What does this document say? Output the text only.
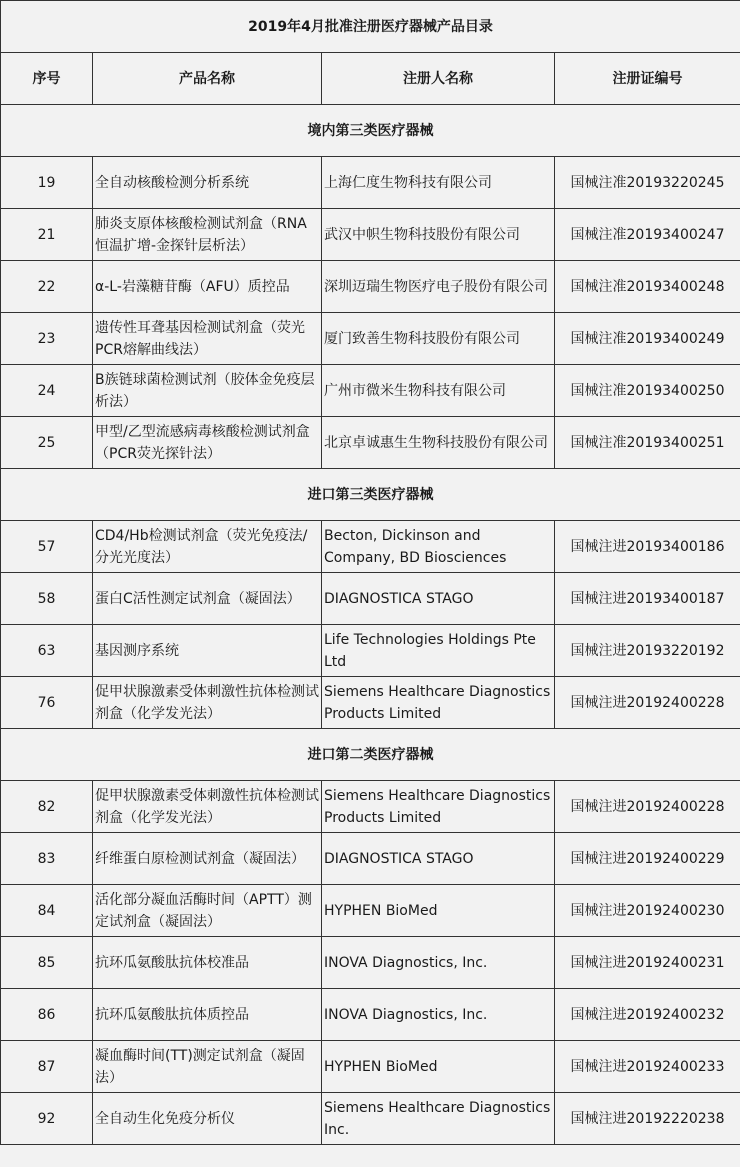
2019年4月批准注册医疗器械产品目录			
序号	产品名称	注册人名称	注册证编号
境内第三类医疗器械			
19	全自动核酸检测分析系统	上海仁度生物科技有限公司	国械注准20193220245
21	肺炎支原体核酸检测试剂盒（RNA恒温扩增-金探针层析法）	武汉中帜生物科技股份有限公司	国械注准20193400247
22	α-L-岩藻糖苷酶（AFU）质控品	深圳迈瑞生物医疗电子股份有限公司	国械注准20193400248
23	遗传性耳聋基因检测试剂盒（荧光PCR熔解曲线法）	厦门致善生物科技股份有限公司	国械注准20193400249
24	B族链球菌检测试剂（胶体金免疫层析法）	广州市微米生物科技有限公司	国械注准20193400250
25	甲型/乙型流感病毒核酸检测试剂盒（PCR荧光探针法）	北京卓诚惠生生物科技股份有限公司	国械注准20193400251
进口第三类医疗器械			
57	CD4/Hb检测试剂盒（荧光免疫法/分光光度法）	Becton, Dickinson and Company, BD Biosciences	国械注进20193400186
58	蛋白C活性测定试剂盒（凝固法）	DIAGNOSTICA STAGO	国械注进20193400187
63	基因测序系统	Life Technologies Holdings Pte Ltd	国械注进20193220192
76	促甲状腺激素受体刺激性抗体检测试剂盒（化学发光法）	Siemens Healthcare Diagnostics Products Limited	国械注进20192400228
进口第二类医疗器械			
82	促甲状腺激素受体刺激性抗体检测试剂盒（化学发光法）	Siemens Healthcare Diagnostics Products Limited	国械注进20192400228
83	纤维蛋白原检测试剂盒（凝固法）	DIAGNOSTICA STAGO	国械注进20192400229
84	活化部分凝血活酶时间（APTT）测定试剂盒（凝固法）	HYPHEN BioMed	国械注进20192400230
85	抗环瓜氨酸肽抗体校准品	INOVA Diagnostics, Inc.	国械注进20192400231
86	抗环瓜氨酸肽抗体质控品	INOVA Diagnostics, Inc.	国械注进20192400232
87	凝血酶时间(TT)测定试剂盒（凝固法）	HYPHEN BioMed	国械注进20192400233
92	全自动生化免疫分析仪	Siemens Healthcare Diagnostics Inc.	国械注进20192220238
